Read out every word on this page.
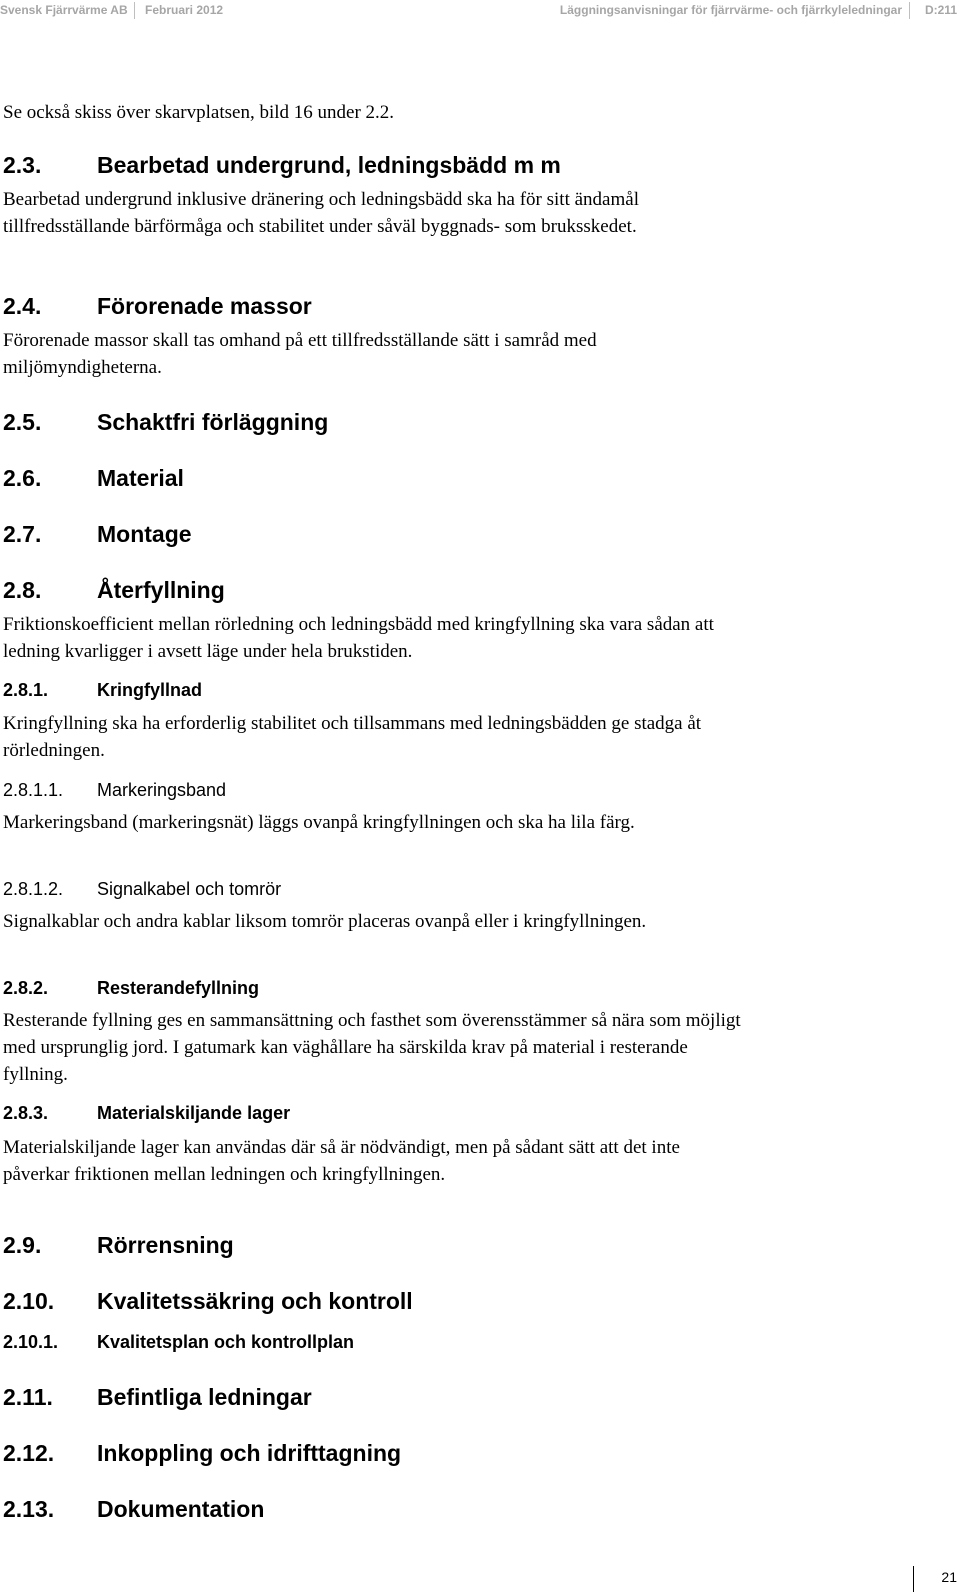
Svensk Fjärrvärme AB Februari 2012	Läggningsanvisningar för fjärrvärme- och fjärrkyleledningar D:211
Se också skiss över skarvplatsen, bild 16 under 2.2.
2.3. Bearbetad undergrund, ledningsbädd m m
Bearbetad undergrund inklusive dränering och ledningsbädd ska ha för sitt ändamål tillfredsställande bärförmåga och stabilitet under såväl byggnads- som bruksskedet.
2.4. Förorenade massor
Förorenade massor skall tas omhand på ett tillfredsställande sätt i samråd med miljömyndigheterna.
2.5. Schaktfri förläggning
2.6. Material
2.7. Montage
2.8. Återfyllning
Friktionskoefficient mellan rörledning och ledningsbädd med kringfyllning ska vara sådan att ledning kvarligger i avsett läge under hela brukstiden.
2.8.1.	Kringfyllnad
Kringfyllning ska ha erforderlig stabilitet och tillsammans med ledningsbädden ge stadga åt rörledningen.
2.8.1.1. Markeringsband
Markeringsband (markeringsnät) läggs ovanpå kringfyllningen och ska ha lila färg.
2.8.1.2. Signalkabel och tomrör
Signalkablar och andra kablar liksom tomrör placeras ovanpå eller i kringfyllningen.
2.8.2.	Resterandefyllning
Resterande fyllning ges en sammansättning och fasthet som överensstämmer så nära som möjligt med ursprunglig jord. I gatumark kan väghållare ha särskilda krav på material i resterande fyllning.
2.8.3.	Materialskiljande lager
Materialskiljande lager kan användas där så är nödvändigt, men på sådant sätt att det inte påverkar friktionen mellan ledningen och kringfyllningen.
2.9. Rörrensning
2.10. Kvalitetssäkring och kontroll
2.10.1. Kvalitetsplan och kontrollplan
2.11. Befintliga ledningar
2.12. Inkoppling och idrifttagning
2.13. Dokumentation
21
